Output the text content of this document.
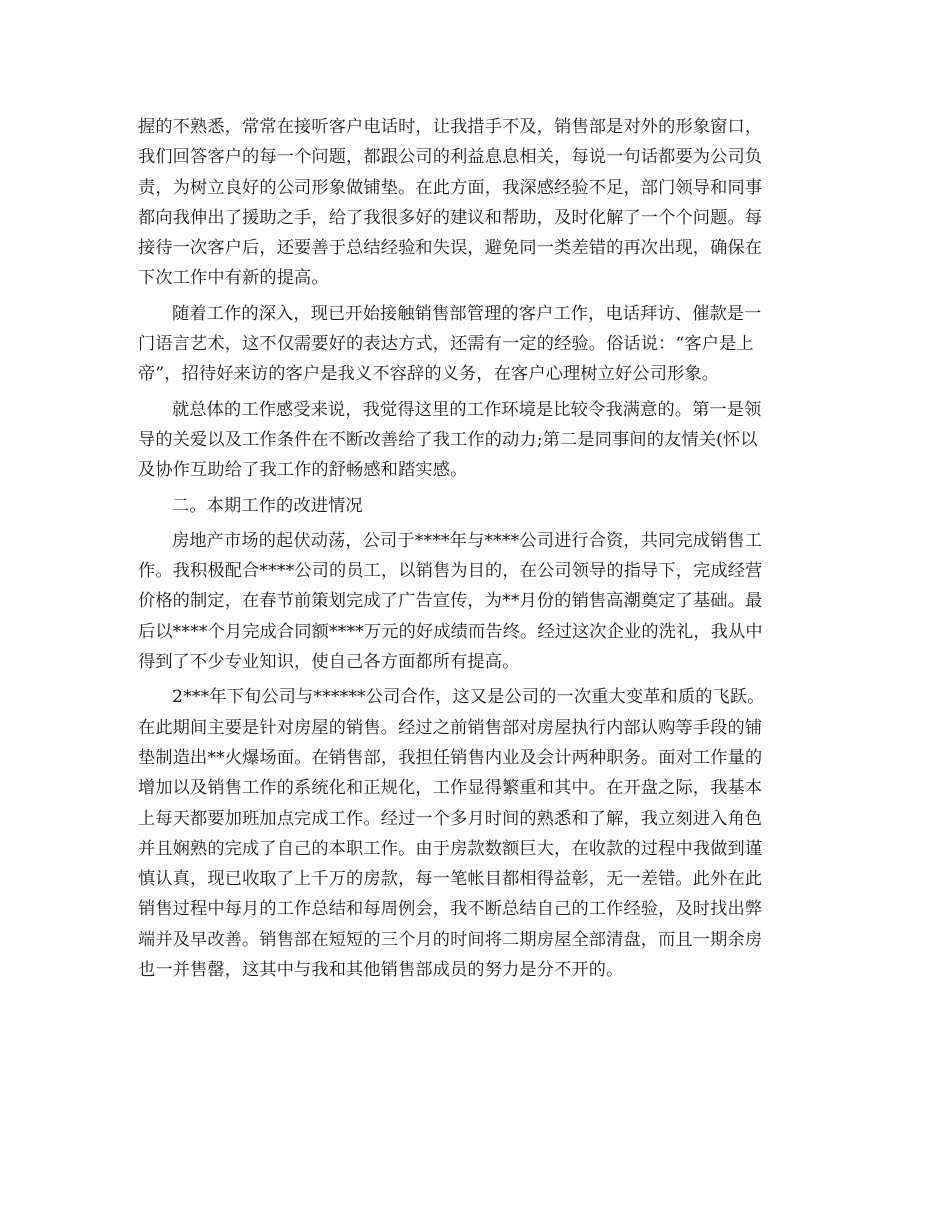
握的不熟悉，常常在接听客户电话时，让我措手不及，销售部是对外的形象窗口，
我们回答客户的每一个问题，都跟公司的利益息息相关，每说一句话都要为公司负
责，为树立良好的公司形象做铺垫。在此方面，我深感经验不足，部门领导和同事
都向我伸出了援助之手，给了我很多好的建议和帮助，及时化解了一个个问题。每
接待一次客户后，还要善于总结经验和失误，避免同一类差错的再次出现，确保在
下次工作中有新的提高。
随着工作的深入，现已开始接触销售部管理的客户工作，电话拜访、催款是一
门语言艺术，这不仅需要好的表达方式，还需有一定的经验。俗话说：“客户是上
帝”，招待好来访的客户是我义不容辞的义务，在客户心理树立好公司形象。
就总体的工作感受来说，我觉得这里的工作环境是比较令我满意的。第一是领
导的关爱以及工作条件在不断改善给了我工作的动力;第二是同事间的友情关(怀以
及协作互助给了我工作的舒畅感和踏实感。
二。本期工作的改进情况
房地产市场的起伏动荡，公司于****年与****公司进行合资，共同完成销售工
作。我积极配合****公司的员工，以销售为目的，在公司领导的指导下，完成经营
价格的制定，在春节前策划完成了广告宣传，为**月份的销售高潮奠定了基础。最
后以****个月完成合同额****万元的好成绩而告终。经过这次企业的洗礼，我从中
得到了不少专业知识，使自己各方面都所有提高。
2***年下旬公司与******公司合作，这又是公司的一次重大变革和质的飞跃。
在此期间主要是针对房屋的销售。经过之前销售部对房屋执行内部认购等手段的铺
垫制造出**火爆场面。在销售部，我担任销售内业及会计两种职务。面对工作量的
增加以及销售工作的系统化和正规化，工作显得繁重和其中。在开盘之际，我基本
上每天都要加班加点完成工作。经过一个多月时间的熟悉和了解，我立刻进入角色
并且娴熟的完成了自己的本职工作。由于房款数额巨大，在收款的过程中我做到谨
慎认真，现已收取了上千万的房款，每一笔帐目都相得益彰，无一差错。此外在此
销售过程中每月的工作总结和每周例会，我不断总结自己的工作经验，及时找出弊
端并及早改善。销售部在短短的三个月的时间将二期房屋全部清盘，而且一期余房
也一并售罄，这其中与我和其他销售部成员的努力是分不开的。
